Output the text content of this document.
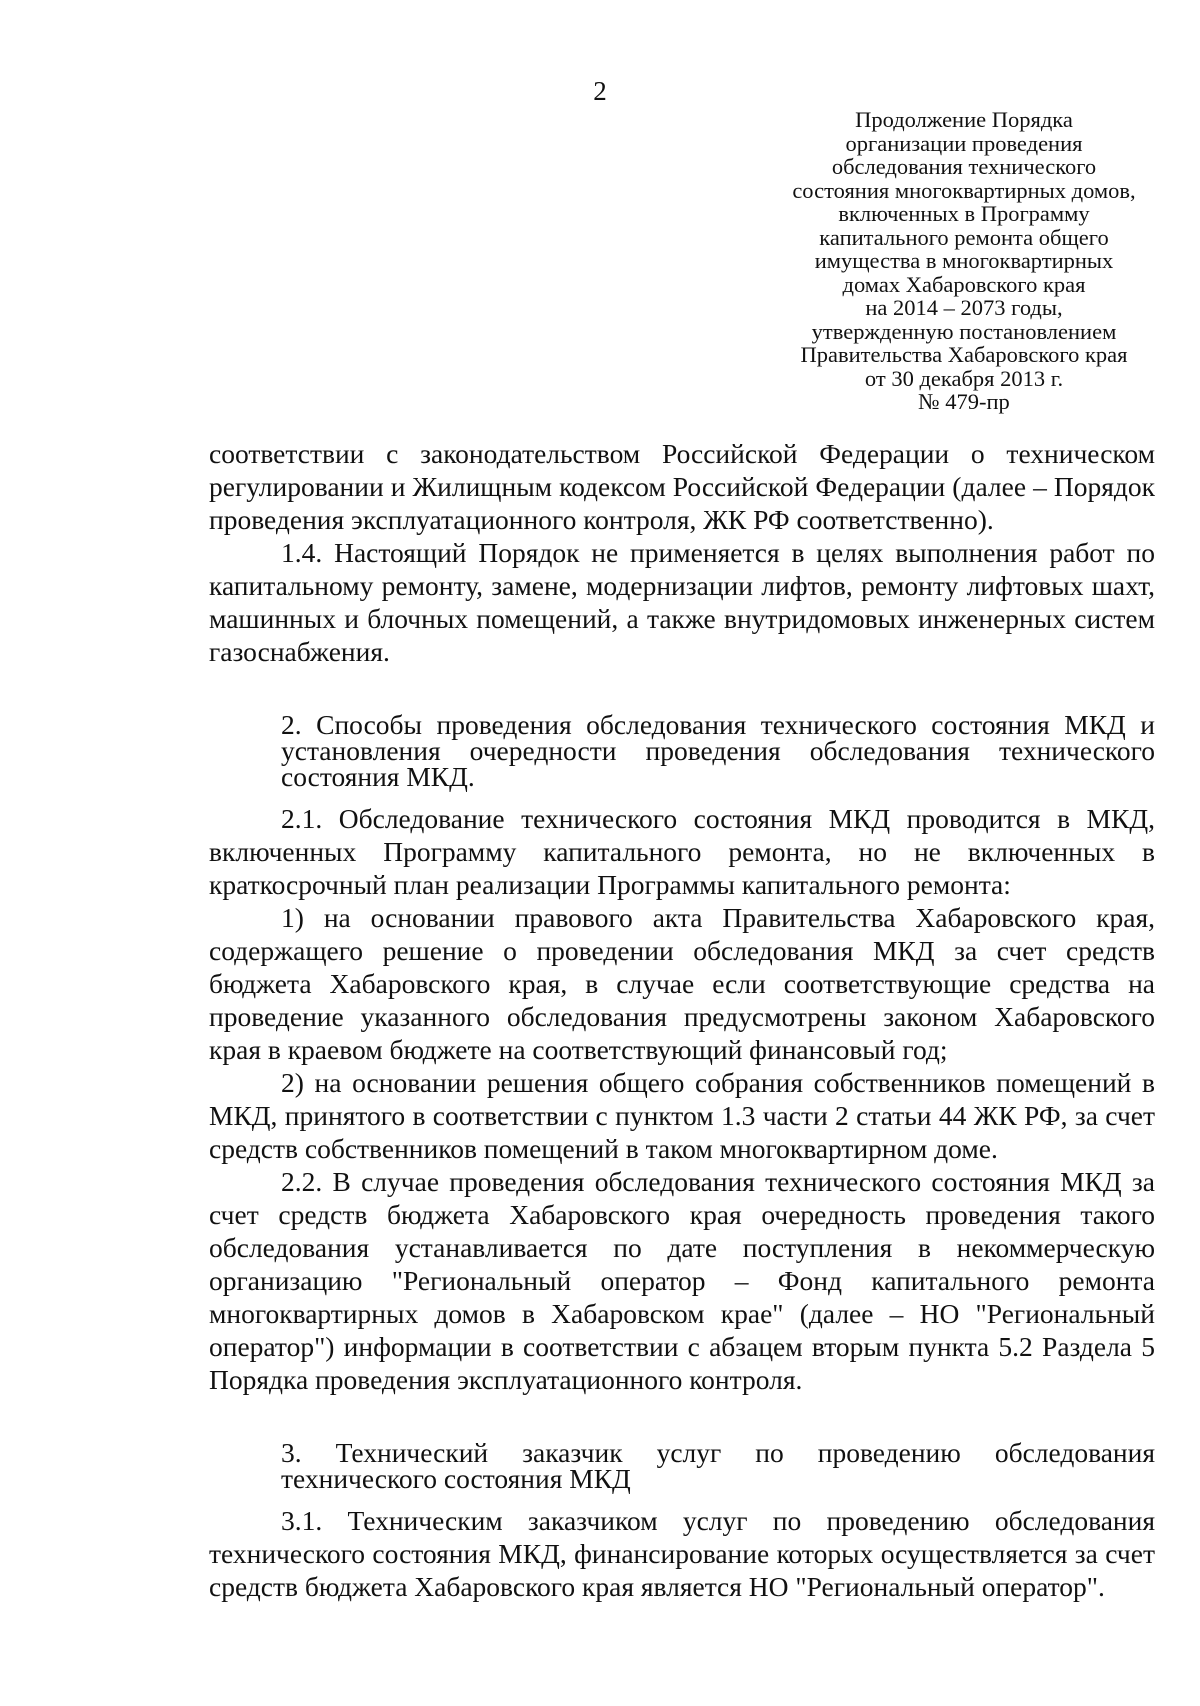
2
Продолжение Порядка
организации проведения
обследования технического
состояния многоквартирных домов,
включенных в Программу
капитального ремонта общего
имущества в многоквартирных
домах Хабаровского края
на 2014 – 2073 годы,
утвержденную постановлением
Правительства Хабаровского края
от 30 декабря 2013 г.
№ 479-пр

соответствии с законодательством Российской Федерации о техническом регулировании и Жилищным кодексом Российской Федерации (далее – Порядок проведения эксплуатационного контроля, ЖК РФ соответственно).

1.4. Настоящий Порядок не применяется в целях выполнения работ по капитальному ремонту, замене, модернизации лифтов, ремонту лифтовых шахт, машинных и блочных помещений, а также внутридомовых инженерных систем газоснабжения.

2. Способы проведения обследования технического состояния МКД и установления очередности проведения обследования технического состояния МКД.

2.1. Обследование технического состояния МКД проводится в МКД, включенных Программу капитального ремонта, но не включенных в краткосрочный план реализации Программы капитального ремонта:

1) на основании правового акта Правительства Хабаровского края, содержащего решение о проведении обследования МКД за счет средств бюджета Хабаровского края, в случае если соответствующие средства на проведение указанного обследования предусмотрены законом Хабаровского края в краевом бюджете на соответствующий финансовый год;

2) на основании решения общего собрания собственников помещений в МКД, принятого в соответствии с пунктом 1.3 части 2 статьи 44 ЖК РФ, за счет средств собственников помещений в таком многоквартирном доме.

2.2. В случае проведения обследования технического состояния МКД за счет средств бюджета Хабаровского края очередность проведения такого обследования устанавливается по дате поступления в некоммерческую организацию "Региональный оператор – Фонд капитального ремонта многоквартирных домов в Хабаровском крае" (далее – НО "Региональный оператор") информации в соответствии с абзацем вторым пункта 5.2 Раздела 5 Порядка проведения эксплуатационного контроля.

3. Технический заказчик услуг по проведению обследования технического состояния МКД

3.1. Техническим заказчиком услуг по проведению обследования технического состояния МКД, финансирование которых осуществляется за счет средств бюджета Хабаровского края является НО "Региональный оператор".
